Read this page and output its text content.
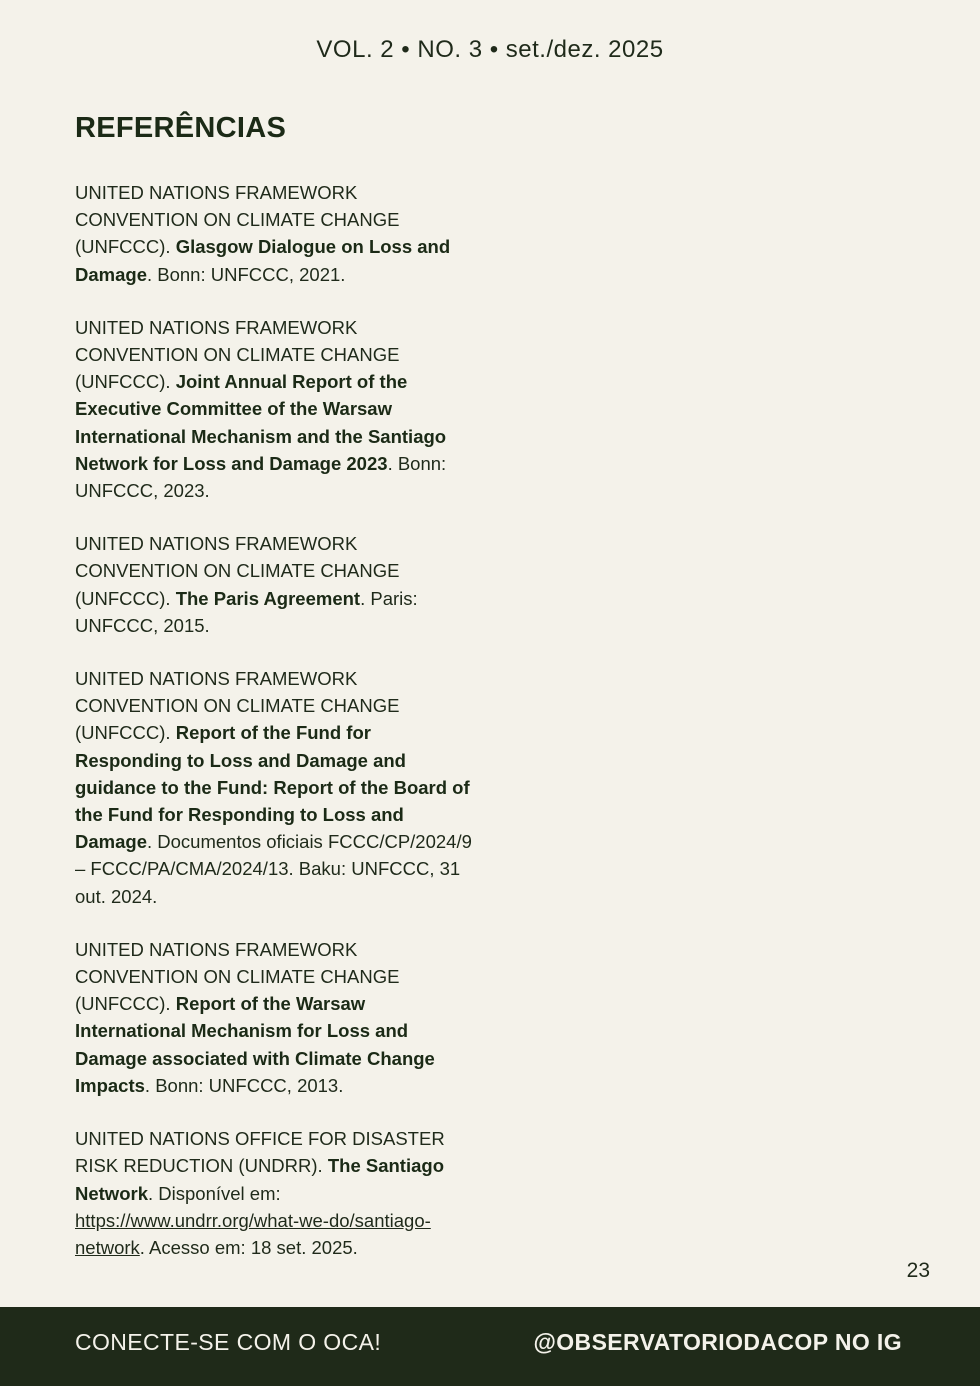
VOL. 2 • NO. 3 • set./dez. 2025
REFERÊNCIAS

UNITED NATIONS FRAMEWORK CONVENTION ON CLIMATE CHANGE (UNFCCC). Glasgow Dialogue on Loss and Damage. Bonn: UNFCCC, 2021.

UNITED NATIONS FRAMEWORK CONVENTION ON CLIMATE CHANGE (UNFCCC). Joint Annual Report of the Executive Committee of the Warsaw International Mechanism and the Santiago Network for Loss and Damage 2023. Bonn: UNFCCC, 2023.

UNITED NATIONS FRAMEWORK CONVENTION ON CLIMATE CHANGE (UNFCCC). The Paris Agreement. Paris: UNFCCC, 2015.

UNITED NATIONS FRAMEWORK CONVENTION ON CLIMATE CHANGE (UNFCCC). Report of the Fund for Responding to Loss and Damage and guidance to the Fund: Report of the Board of the Fund for Responding to Loss and Damage. Documentos oficiais FCCC/CP/2024/9 – FCCC/PA/CMA/2024/13. Baku: UNFCCC, 31 out. 2024.

UNITED NATIONS FRAMEWORK CONVENTION ON CLIMATE CHANGE (UNFCCC). Report of the Warsaw International Mechanism for Loss and Damage associated with Climate Change Impacts. Bonn: UNFCCC, 2013.

UNITED NATIONS OFFICE FOR DISASTER RISK REDUCTION (UNDRR). The Santiago Network. Disponível em: https://www.undrr.org/what-we-do/santiago-network. Acesso em: 18 set. 2025.

23
CONECTE-SE COM O OCA!	@OBSERVATORIODACOP NO IG
